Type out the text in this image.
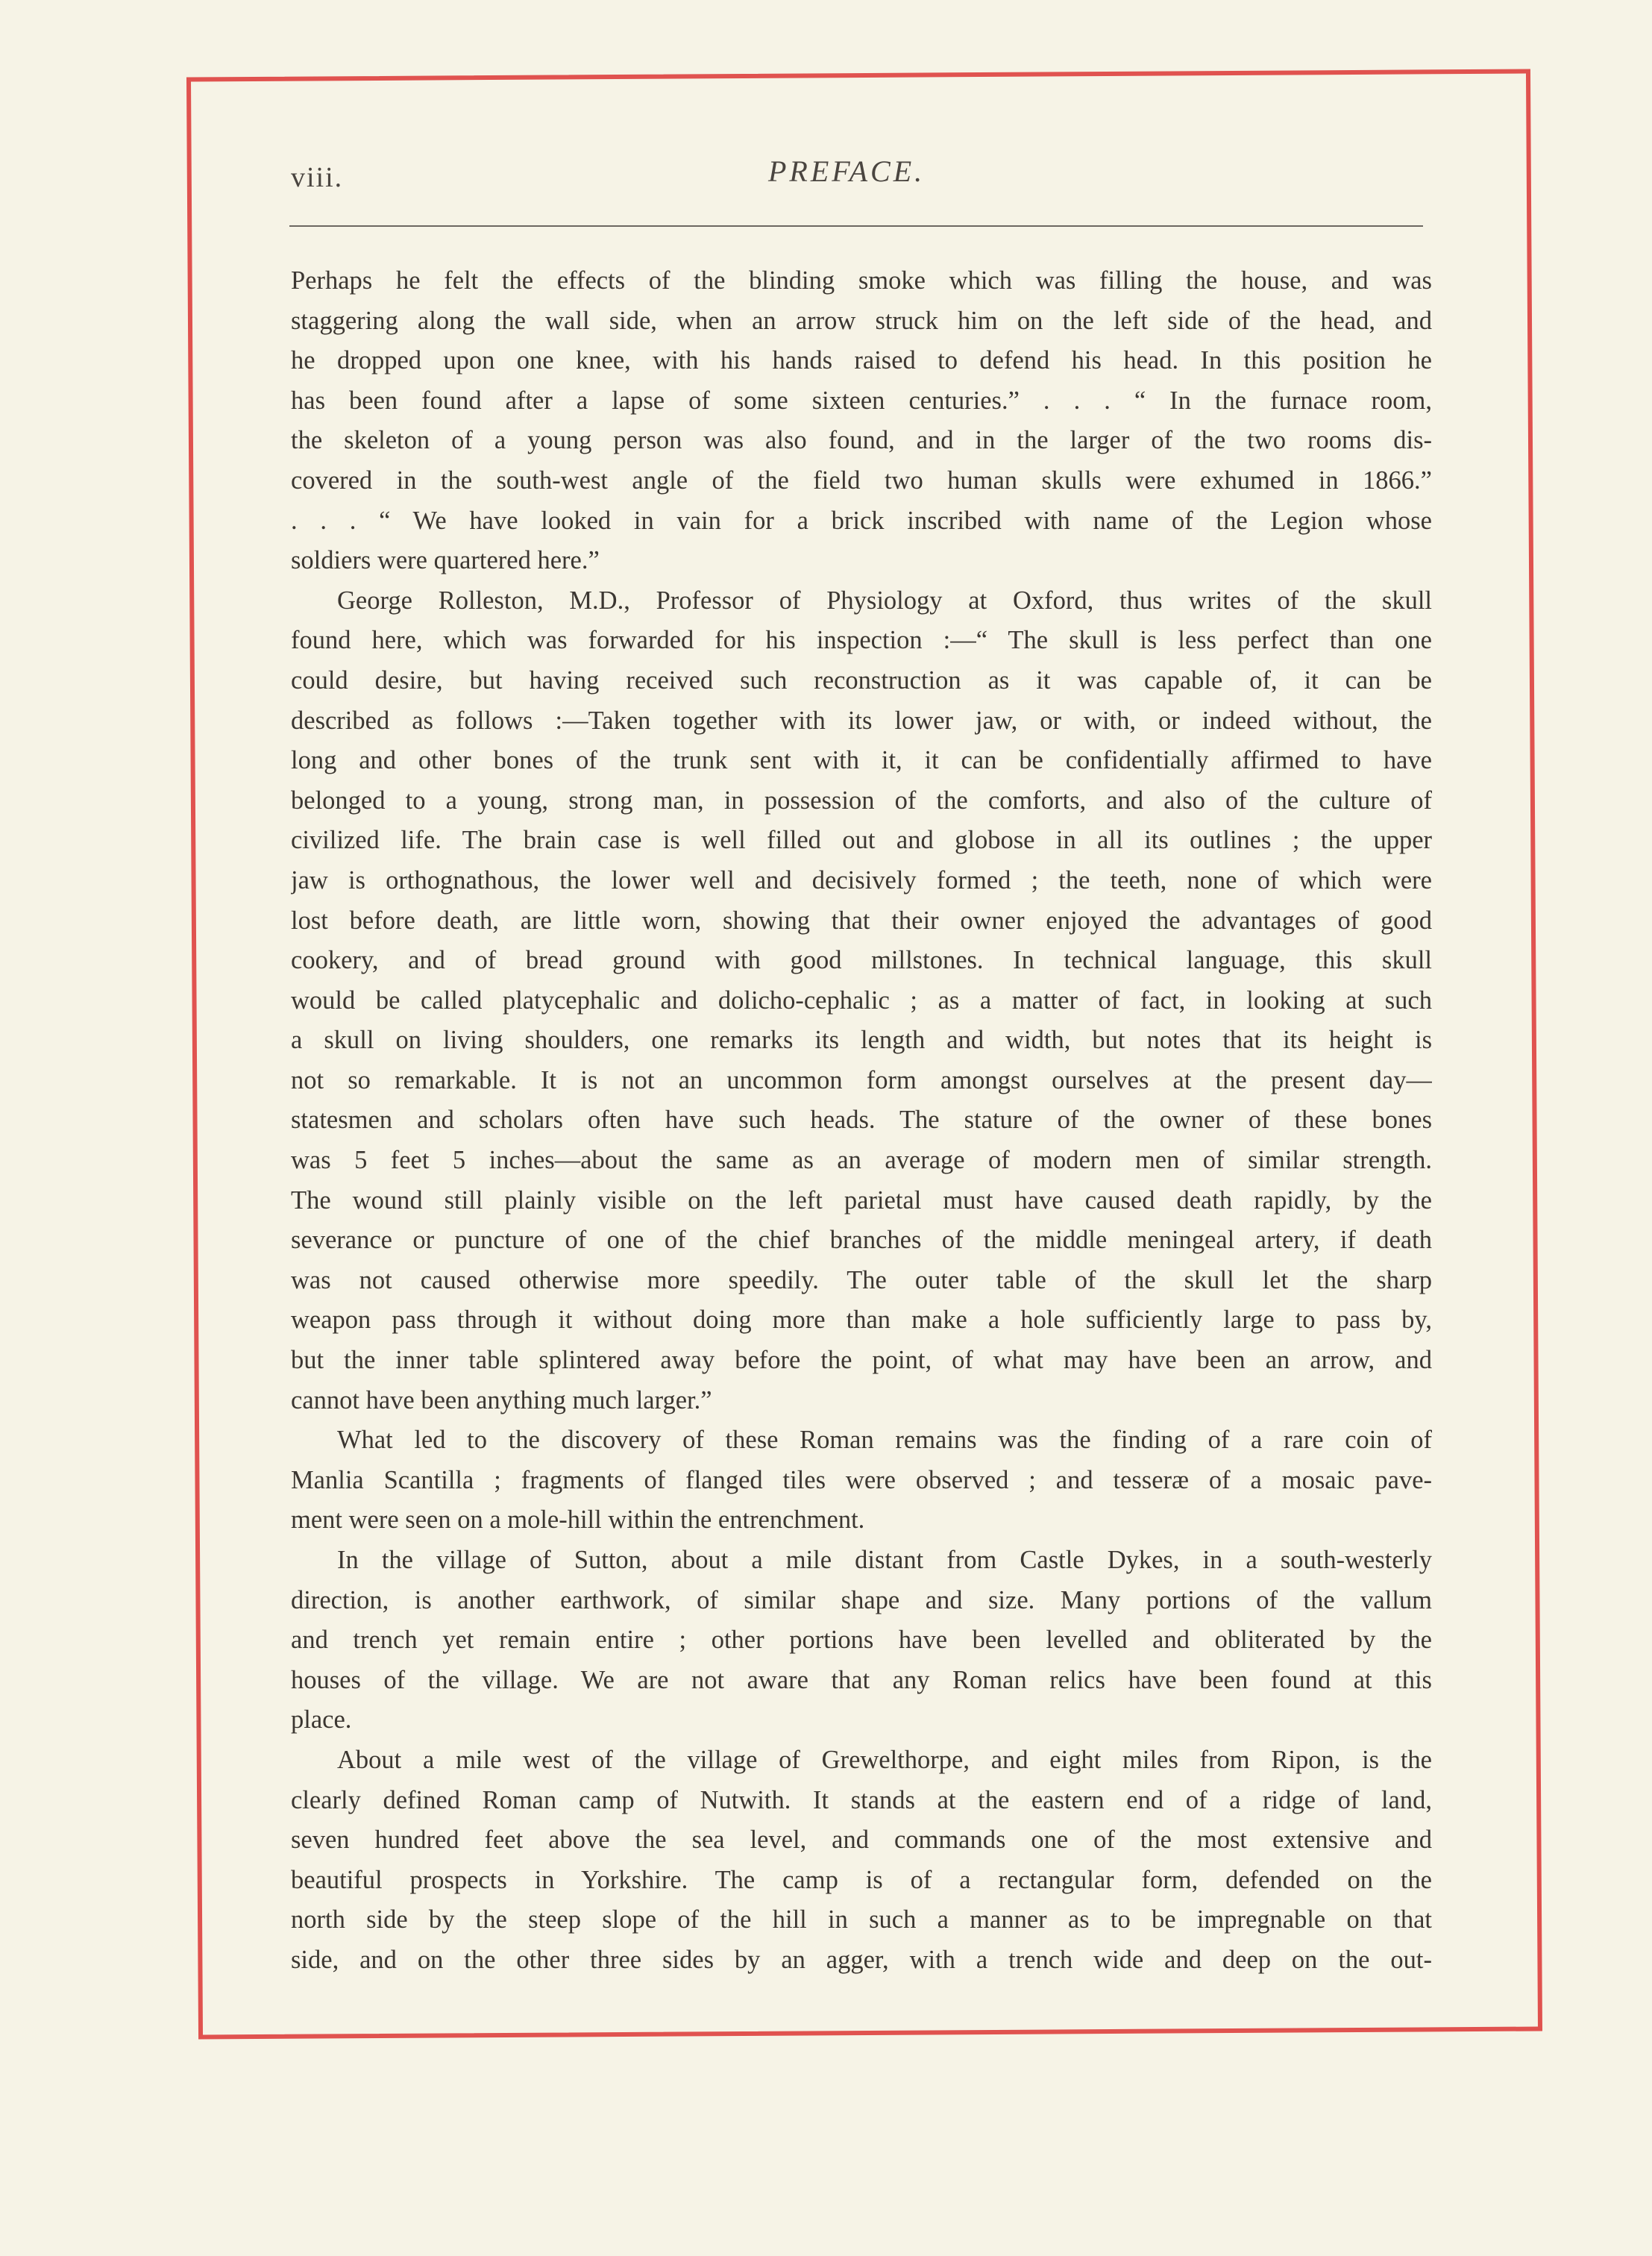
viii.	PREFACE.
Perhaps he felt the effects of the blinding smoke which was filling the house, and was
staggering along the wall side, when an arrow struck him on the left side of the head, and
he dropped upon one knee, with his hands raised to defend his head. In this position he
has been found after a lapse of some sixteen centuries.” . . . “ In the furnace room,
the skeleton of a young person was also found, and in the larger of the two rooms dis-
covered in the south-west angle of the field two human skulls were exhumed in 1866.”
. . . “ We have looked in vain for a brick inscribed with name of the Legion whose
soldiers were quartered here.”
George Rolleston, M.D., Professor of Physiology at Oxford, thus writes of the skull
found here, which was forwarded for his inspection :—“ The skull is less perfect than one
could desire, but having received such reconstruction as it was capable of, it can be
described as follows :—Taken together with its lower jaw, or with, or indeed without, the
long and other bones of the trunk sent with it, it can be confidentially affirmed to have
belonged to a young, strong man, in possession of the comforts, and also of the culture of
civilized life. The brain case is well filled out and globose in all its outlines ; the upper
jaw is orthognathous, the lower well and decisively formed ; the teeth, none of which were
lost before death, are little worn, showing that their owner enjoyed the advantages of good
cookery, and of bread ground with good millstones. In technical language, this skull
would be called platycephalic and dolicho-cephalic ; as a matter of fact, in looking at such
a skull on living shoulders, one remarks its length and width, but notes that its height is
not so remarkable. It is not an uncommon form amongst ourselves at the present day—
statesmen and scholars often have such heads. The stature of the owner of these bones
was 5 feet 5 inches—about the same as an average of modern men of similar strength.
The wound still plainly visible on the left parietal must have caused death rapidly, by the
severance or puncture of one of the chief branches of the middle meningeal artery, if death
was not caused otherwise more speedily. The outer table of the skull let the sharp
weapon pass through it without doing more than make a hole sufficiently large to pass by,
but the inner table splintered away before the point, of what may have been an arrow, and
cannot have been anything much larger.”
What led to the discovery of these Roman remains was the finding of a rare coin of
Manlia Scantilla ; fragments of flanged tiles were observed ; and tesseræ of a mosaic pave-
ment were seen on a mole-hill within the entrenchment.
In the village of Sutton, about a mile distant from Castle Dykes, in a south-westerly
direction, is another earthwork, of similar shape and size. Many portions of the vallum
and trench yet remain entire ; other portions have been levelled and obliterated by the
houses of the village. We are not aware that any Roman relics have been found at this
place.
About a mile west of the village of Grewelthorpe, and eight miles from Ripon, is the
clearly defined Roman camp of Nutwith. It stands at the eastern end of a ridge of land,
seven hundred feet above the sea level, and commands one of the most extensive and
beautiful prospects in Yorkshire. The camp is of a rectangular form, defended on the
north side by the steep slope of the hill in such a manner as to be impregnable on that
side, and on the other three sides by an agger, with a trench wide and deep on the out-
